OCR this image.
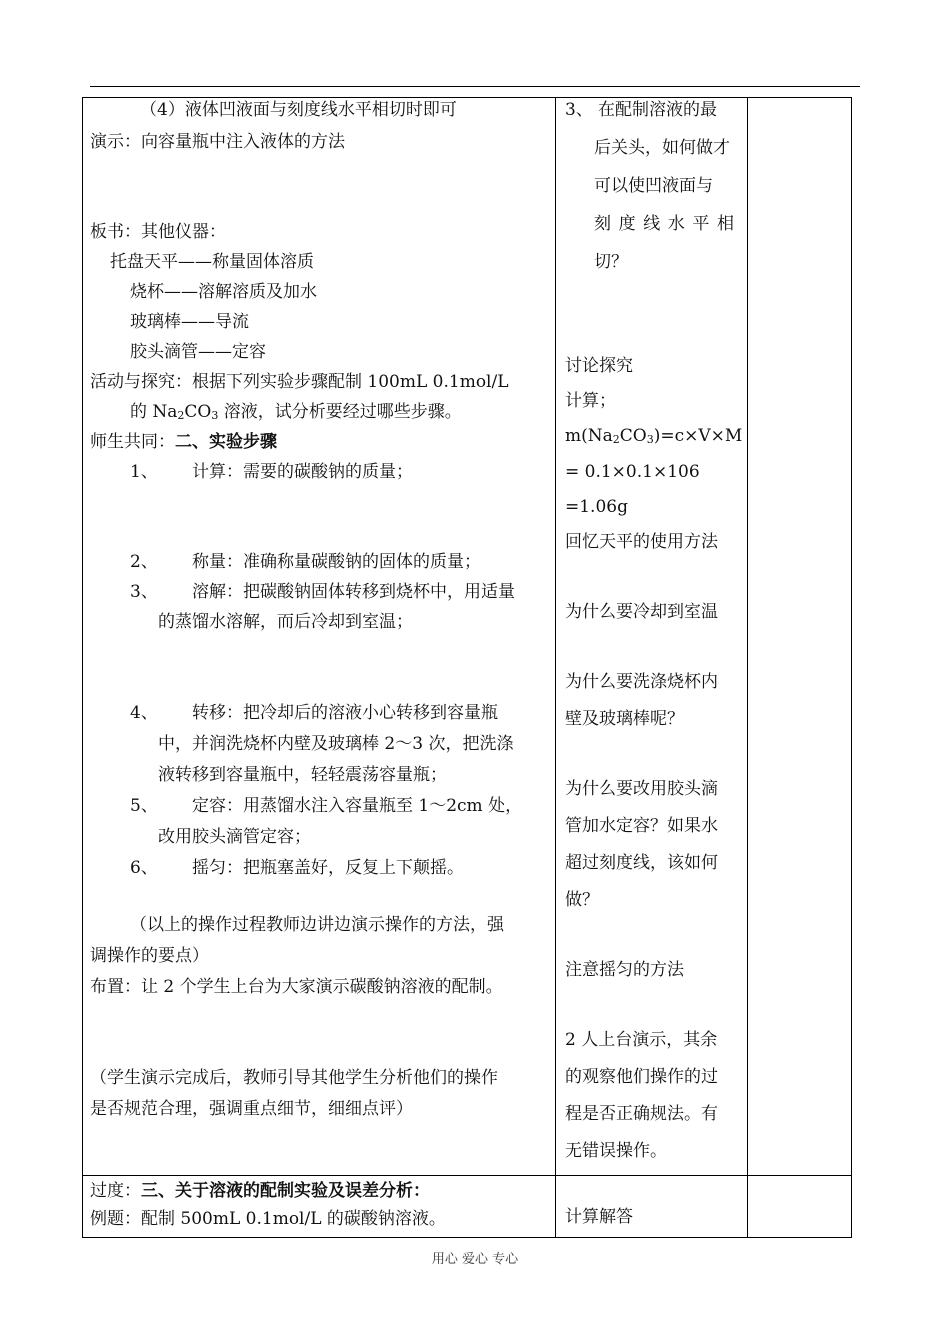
（4）液体凹液面与刻度线水平相切时即可
演示：向容量瓶中注入液体的方法
板书：其他仪器：
托盘天平——称量固体溶质
烧杯——溶解溶质及加水
玻璃棒——导流
胶头滴管——定容
活动与探究：根据下列实验步骤配制 100mL 0.1mol/L
的 $Na_2CO_3$ 溶液，试分析要经过哪些步骤。
师生共同：二、实验步骤
1、 计算：需要的碳酸钠的质量；
2、 称量：准确称量碳酸钠的固体的质量；
3、 溶解：把碳酸钠固体转移到烧杯中，用适量
的蒸馏水溶解，而后冷却到室温；
4、 转移：把冷却后的溶液小心转移到容量瓶
中，并润洗烧杯内壁及玻璃棒 2～3 次，把洗涤
液转移到容量瓶中，轻轻震荡容量瓶；
5、 定容：用蒸馏水注入容量瓶至 1～2cm 处，
改用胶头滴管定容；
6、 摇匀：把瓶塞盖好，反复上下颠摇。
（以上的操作过程教师边讲边演示操作的方法，强
调操作的要点）
布置：让 2 个学生上台为大家演示碳酸钠溶液的配制。
（学生演示完成后，教师引导其他学生分析他们的操作
是否规范合理，强调重点细节，细细点评）
过度：三、关于溶液的配制实验及误差分析：
例题：配制 500mL 0.1mol/L 的碳酸钠溶液。
3、 在配制溶液的最
后关头，如何做才
可以使凹液面与
刻 度 线 水 平 相
切？
讨论探究
计算；
$m(Na_2CO_3)=c\times V\times M$
= 0.1×0.1×106
=1.06g
回忆天平的使用方法
为什么要冷却到室温
为什么要洗涤烧杯内
壁及玻璃棒呢？
为什么要改用胶头滴
管加水定容？如果水
超过刻度线，该如何
做？
注意摇匀的方法
2 人上台演示，其余
的观察他们操作的过
程是否正确规法。有
无错误操作。
计算解答
用心 爱心 专心
